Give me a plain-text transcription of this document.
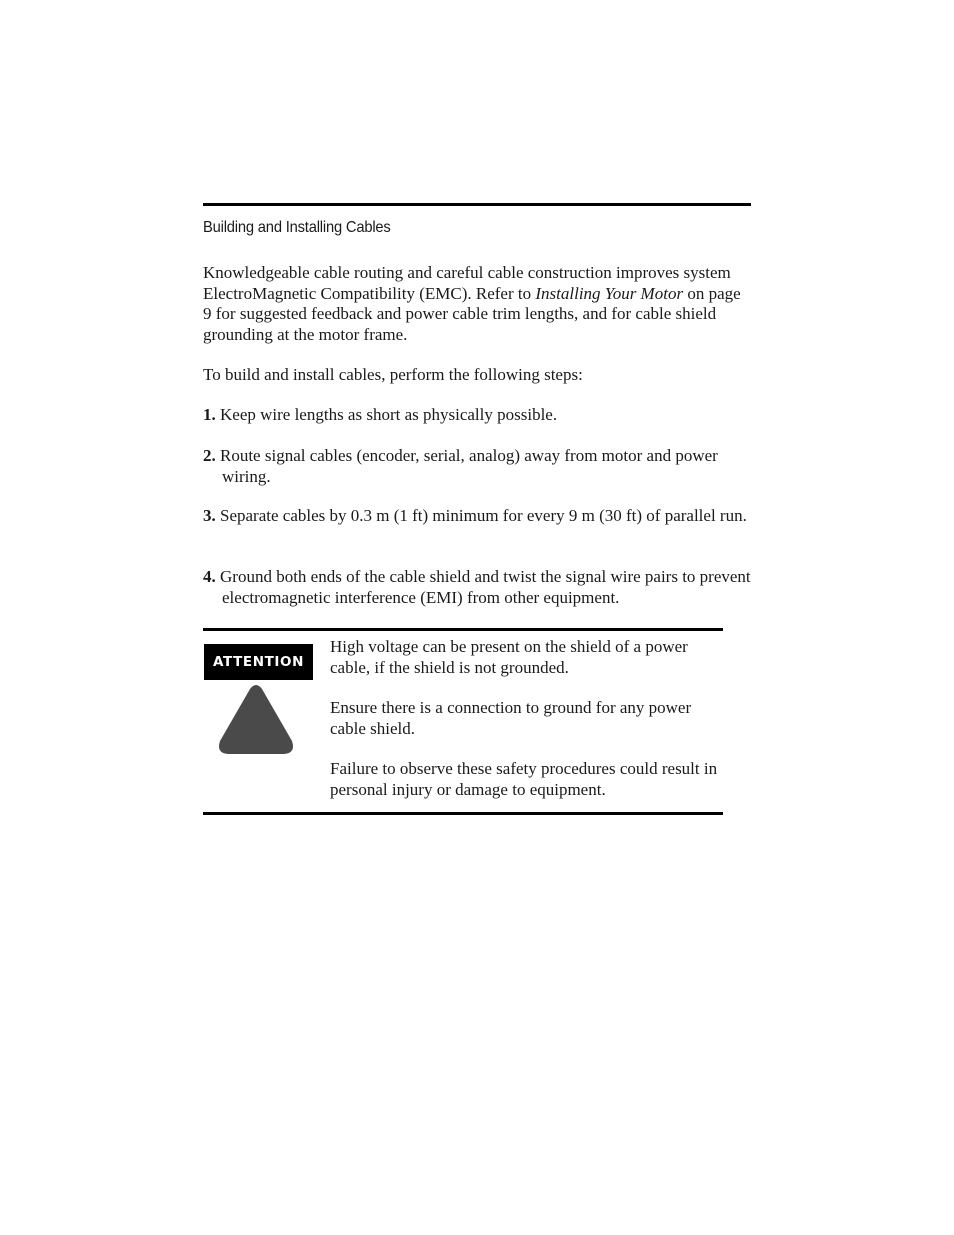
Building and Installing Cables

Knowledgeable cable routing and careful cable construction improves system ElectroMagnetic Compatibility (EMC). Refer to Installing Your Motor on page 9 for suggested feedback and power cable trim lengths, and for cable shield grounding at the motor frame.

To build and install cables, perform the following steps:

1. Keep wire lengths as short as physically possible.

2. Route signal cables (encoder, serial, analog) away from motor and power wiring.

3. Separate cables by 0.3 m (1 ft) minimum for every 9 m (30 ft) of parallel run.

4. Ground both ends of the cable shield and twist the signal wire pairs to prevent electromagnetic interference (EMI) from other equipment.

ATTENTION

High voltage can be present on the shield of a power cable, if the shield is not grounded.

Ensure there is a connection to ground for any power cable shield.

Failure to observe these safety procedures could result in personal injury or damage to equipment.
